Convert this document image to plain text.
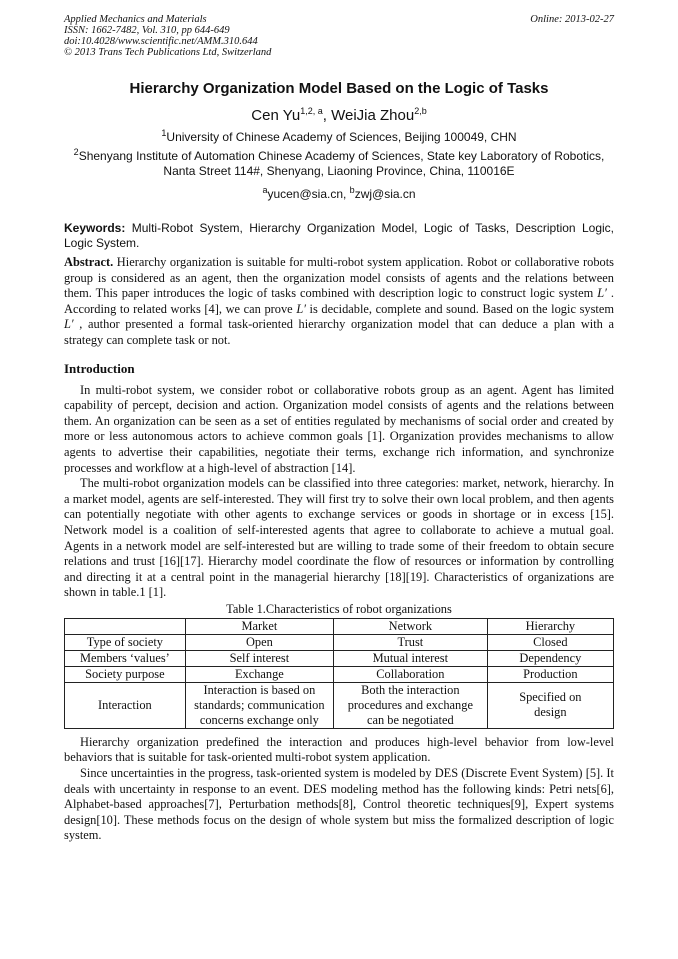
Applied Mechanics and Materials
ISSN: 1662-7482, Vol. 310, pp 644-649
doi:10.4028/www.scientific.net/AMM.310.644
© 2013 Trans Tech Publications Ltd, Switzerland
Online: 2013-02-27
Hierarchy Organization Model Based on the Logic of Tasks
Cen Yu$^{1,2, a}$, WeiJia Zhou$^{2,b}$
$^1$University of Chinese Academy of Sciences, Beijing 100049, CHN
$^2$Shenyang Institute of Automation Chinese Academy of Sciences, State key Laboratory of Robotics,
Nanta Street 114#, Shenyang, Liaoning Province, China, 110016E
$^a$yucen@sia.cn, $^b$zwj@sia.cn
Keywords: Multi-Robot System, Hierarchy Organization Model, Logic of Tasks, Description Logic, Logic System.
Abstract. Hierarchy organization is suitable for multi-robot system application. Robot or collaborative robots group is considered as an agent, then the organization model consists of agents and the relations between them. This paper introduces the logic of tasks combined with description logic to construct logic system L′ . According to related works [4], we can prove L′ is decidable, complete and sound. Based on the logic system L′ , author presented a formal task-oriented hierarchy organization model that can deduce a plan with a strategy can complete task or not.
Introduction

In multi-robot system, we consider robot or collaborative robots group as an agent. Agent has limited capability of percept, decision and action. Organization model consists of agents and the relations between them. An organization can be seen as a set of entities regulated by mechanisms of social order and created by more or less autonomous actors to achieve common goals [1]. Organization provides mechanisms to allow agents to advertise their capabilities, negotiate their terms, exchange rich information, and synchronize processes and workflow at a high-level of abstraction [14].

The multi-robot organization models can be classified into three categories: market, network, hierarchy. In a market model, agents are self-interested. They will first try to solve their own local problem, and then agents can potentially negotiate with other agents to exchange services or goods in shortage or in excess [15]. Network model is a coalition of self-interested agents that agree to collaborate to achieve a mutual goal. Agents in a network model are self-interested but are willing to trade some of their freedom to obtain secure relations and trust [16][17]. Hierarchy model coordinate the flow of resources or information by controlling and directing it at a central point in the managerial hierarchy [18][19]. Characteristics of organizations are shown in table.1 [1].

Table 1.Characteristics of robot organizations
	Market	Network	Hierarchy
Type of society	Open	Trust	Closed
Members ‘values’	Self interest	Mutual interest	Dependency
Society purpose	Exchange	Collaboration	Production
Interaction	Interaction is based on
standards; communication
concerns exchange only	Both the interaction
procedures and exchange
can be negotiated	Specified on
design

Hierarchy organization predefined the interaction and produces high-level behavior from low-level behaviors that is suitable for task-oriented multi-robot system application.

Since uncertainties in the progress, task-oriented system is modeled by DES (Discrete Event System) [5]. It deals with uncertainty in response to an event. DES modeling method has the following kinds: Petri nets[6], Alphabet-based approaches[7], Perturbation methods[8], Control theoretic techniques[9], Expert systems design[10]. These methods focus on the design of whole system but miss the formalized description of logic system.
